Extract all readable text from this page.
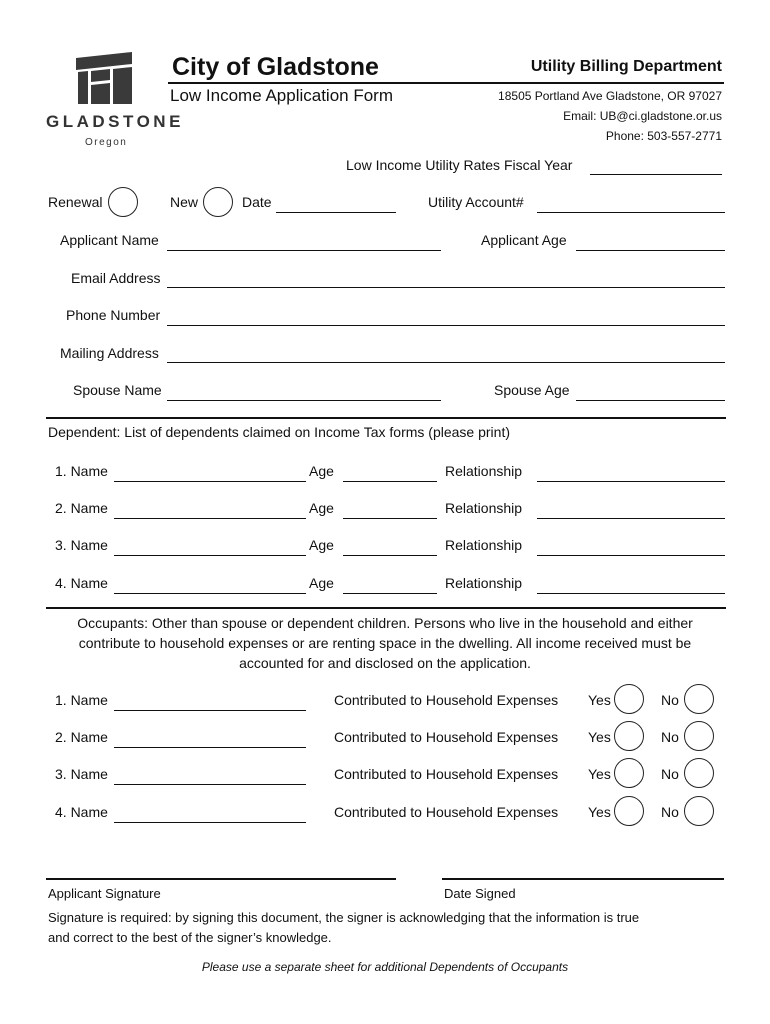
GLADSTONE
Oregon
City of Gladstone
Low Income Application Form
Utility Billing Department
18505 Portland Ave Gladstone, OR 97027
Email: UB@ci.gladstone.or.us
Phone: 503-557-2771
Low Income Utility Rates Fiscal Year
Renewal	New	Date	Utility Account#
Applicant Name	Applicant Age
Email Address
Phone Number
Mailing Address
Spouse Name	Spouse Age
Dependent: List of dependents claimed on Income Tax forms (please print)
1. Name	Age	Relationship
2. Name	Age	Relationship
3. Name	Age	Relationship
4. Name	Age	Relationship
Occupants: Other than spouse or dependent children. Persons who live in the household and either
contribute to household expenses or are renting space in the dwelling. All income received must be
accounted for and disclosed on the application.
1. Name	Contributed to Household Expenses Yes	No
2. Name	Contributed to Household Expenses Yes	No
3. Name	Contributed to Household Expenses Yes	No
4. Name	Contributed to Household Expenses Yes	No
Applicant Signature	Date Signed
Signature is required: by signing this document, the signer is acknowledging that the information is true
and correct to the best of the signer’s knowledge.
Please use a separate sheet for additional Dependents of Occupants
